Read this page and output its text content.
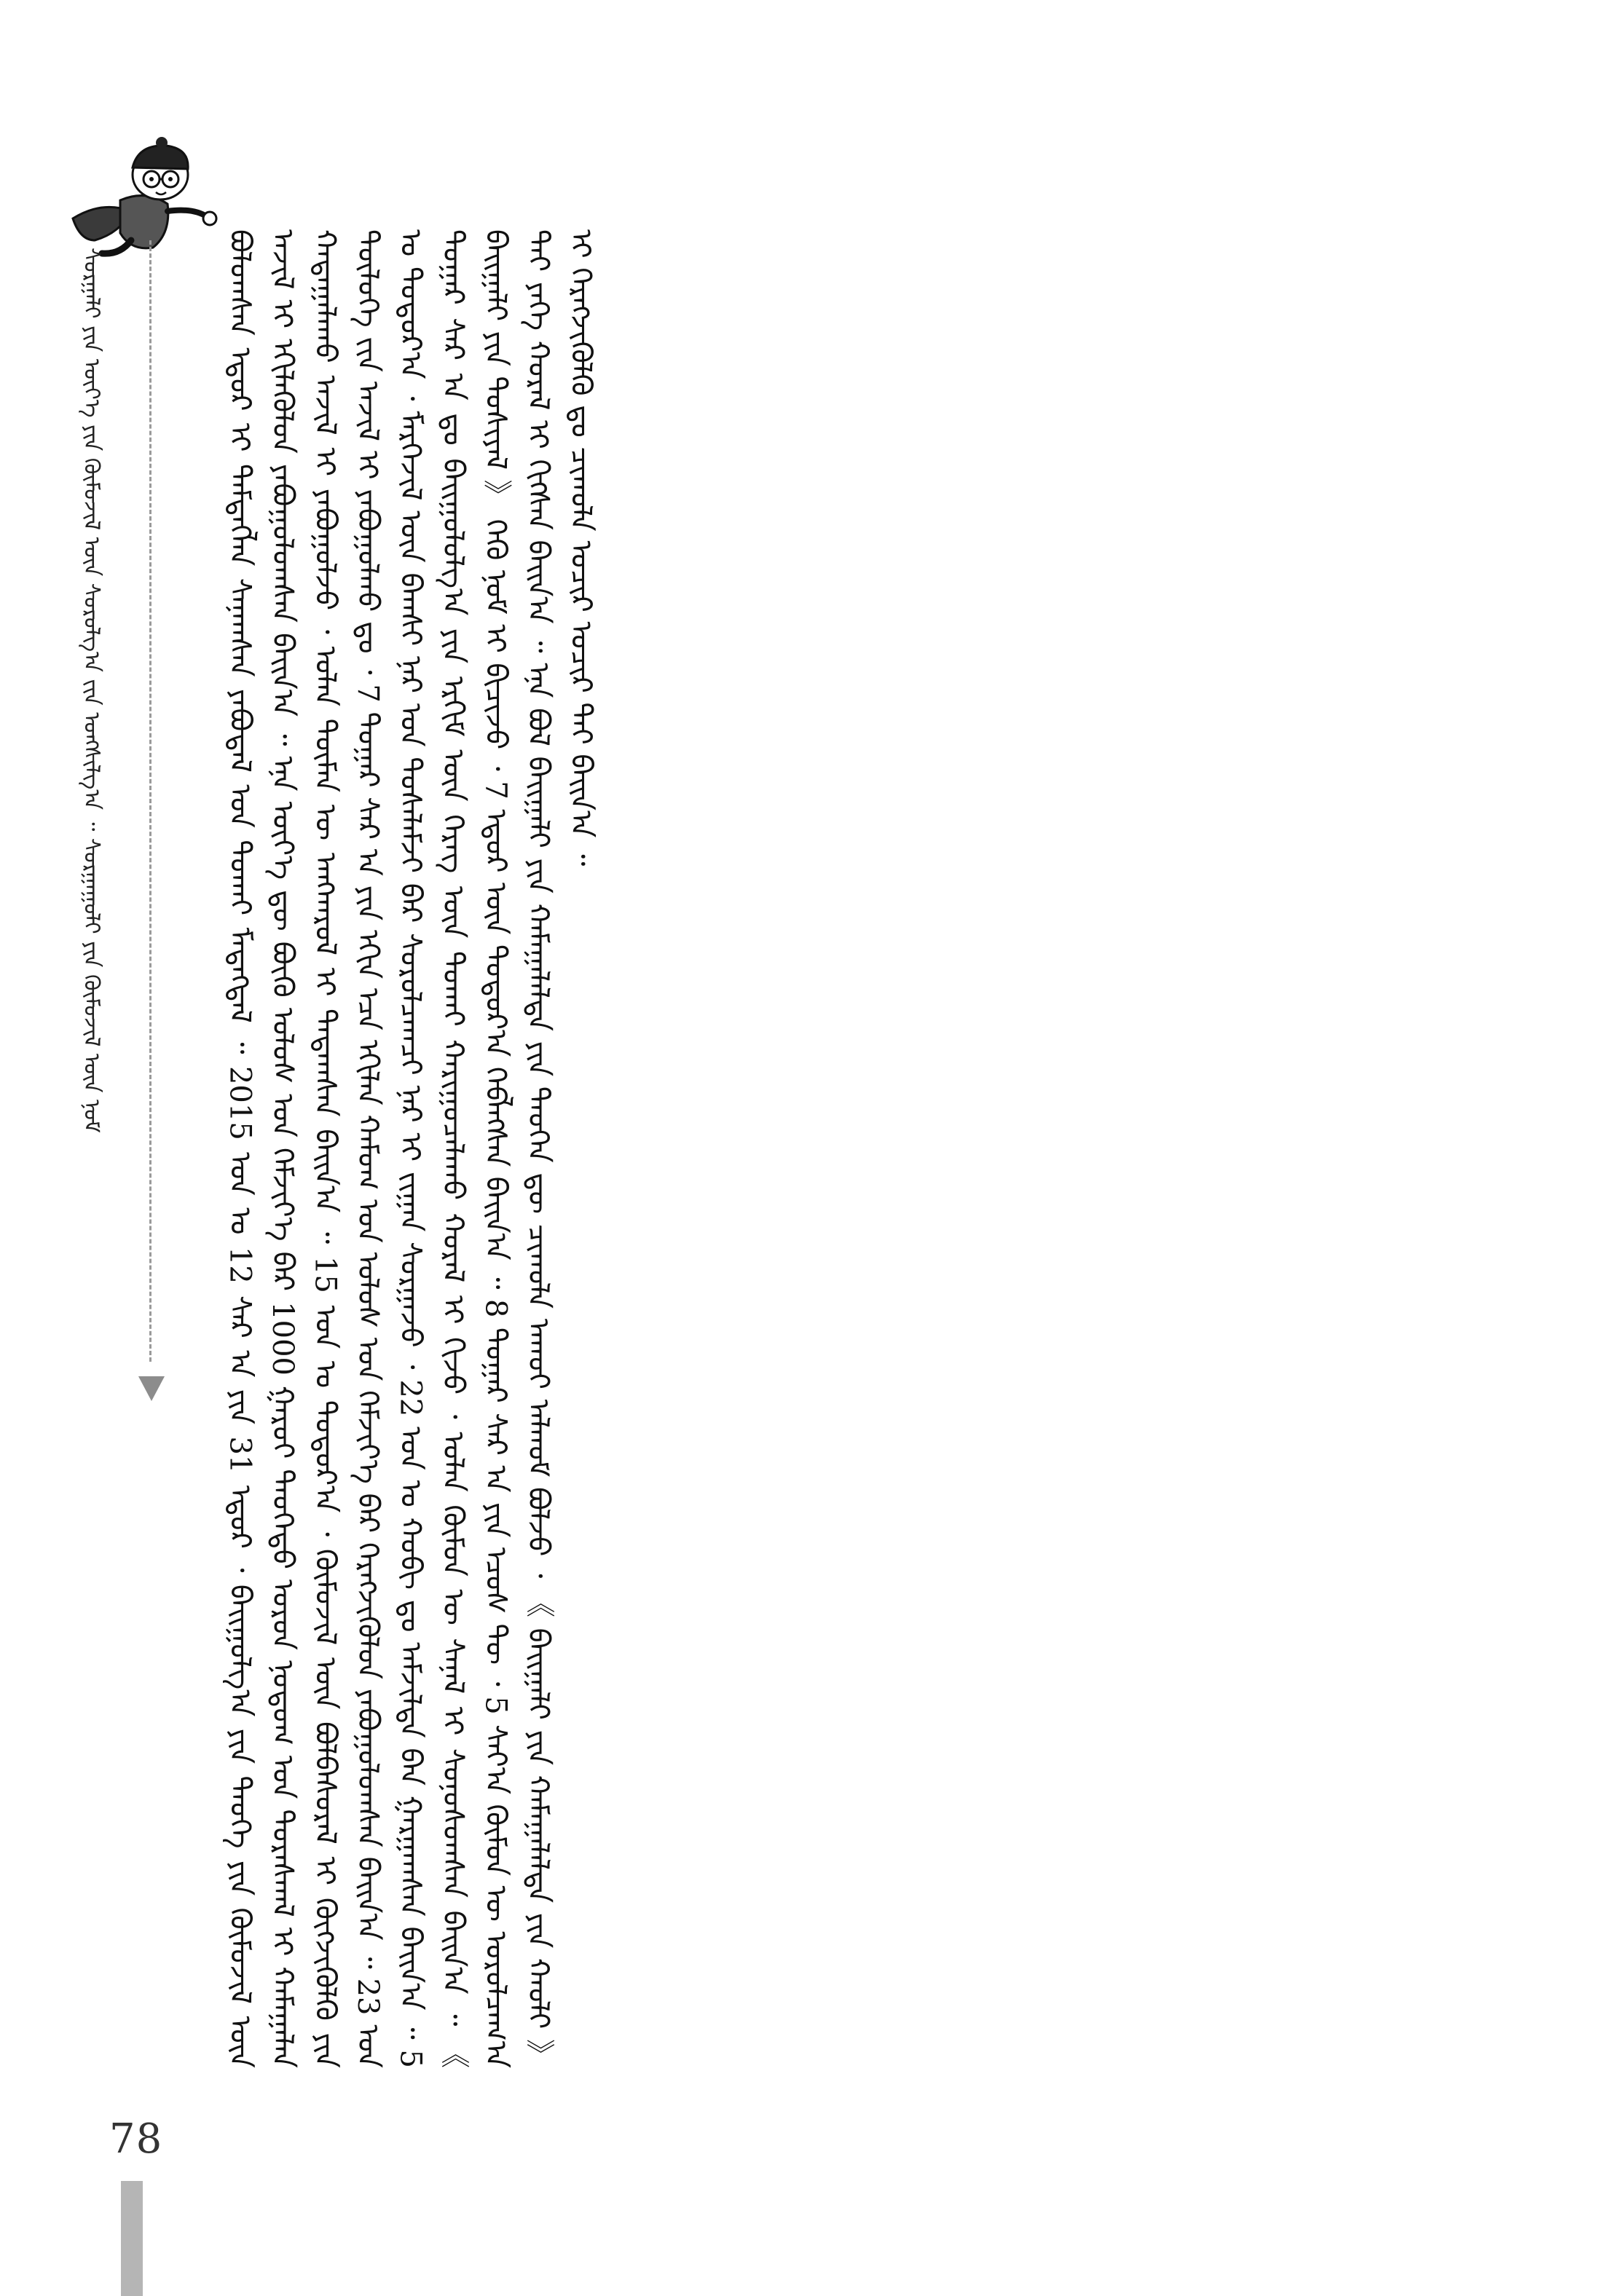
ᠰᠤᠷᠭᠠᠯᠢ ᠶᠢᠨ ᠦᠶ᠎ᠡ ᠶᠢᠨ ᠬᠦᠮᠦᠵᠢᠯ ᠦᠨ ᠰᠤᠷᠤᠯᠭ᠎ᠠ ᠵᠢᠨ ᠤᠩᠰᠢᠯᠭ᠎ᠠ ᠃ ᠰᠤᠷᠭᠠᠭᠤᠯᠢ ᠶᠢᠨ ᠬᠦᠮᠦᠵᠢᠯ ᠦᠨ ᠨᠣᠮ	ᠪᠤᠯᠤᠭᠰᠠᠨ ᠡᠳᠦᠷ ᠢ ᠲᠡᠮᠳᠡᠭᠯᠡᠨ ᠰᠠᠨᠠᠭᠰᠠᠨ ᠶᠠᠪᠤᠳᠠᠯ ᠤᠨ ᠲᠤᠬᠠᠢ ᠮᠡᠳᠡᠭᠳᠡᠯ ᠃ 2015 ᠣᠨ ᠤ 12 ᠰᠠᠷ ᠠ ᠶᠢᠨ 31 ᠡᠳᠦᠷ ᠂ ᠪᠠᠢᠭᠤᠯᠭ᠎ᠠ ᠶᠢᠨ ᠲᠡᠦᠬᠡ ᠶᠢᠨ ᠬᠦᠮᠦᠵᠢᠯ ᠦᠨ ᠠᠵᠢᠯ ᠢ ᠡᠬᠢᠯᠡᠭᠦᠯᠦᠨ ᠶᠠᠪᠤᠭᠤᠯᠤᠭᠰᠠᠨ ᠪᠠᠢᠨ᠎ᠠ ᠃ ᠡᠨᠡ ᠦᠶ᠎ᠡ ᠳᠦ ᠪᠦᠬᠦ ᠤᠯᠤᠰ ᠤᠨ ᠬᠡᠮᠵᠢᠶ᠎ᠡ ᠪᠡᠷ 1000 ᠭᠠᠷᠤᠢ ᠲᠡᠦᠬᠡᠲᠦ ᠣᠷᠤᠨ ᠨᠤᠲᠤᠭ ᠤᠨ ᠳᠤᠷᠠᠰᠬᠠᠯ ᠢ ᠬᠠᠮᠠᠭᠠᠯᠠᠨ ᠬᠠᠳᠠᠭᠠᠯᠠᠬᠤ ᠠᠵᠢᠯ ᠢ ᠶᠠᠪᠤᠭᠤᠯᠵᠤ ᠂ ᠣᠯᠠᠨ ᠲᠦᠮᠡᠨ ᠦ ᠠᠩᠬᠠᠷᠤᠯ ᠢ ᠲᠠᠲᠠᠭᠰᠠᠨ ᠪᠠᠢᠨ᠎ᠠ ᠃ 15 ᠣᠨ ᠤ ᠳᠤᠲᠤᠷ᠎ᠠ ᠂ ᠬᠦᠮᠦᠵᠢᠯ ᠦᠨ ᠪᠣᠯᠪᠠᠰᠤᠷᠠᠯ ᠢ ᠬᠥᠭᠵᠢᠭᠦᠯᠬᠦ ᠶᠢᠨ ᠲᠥᠯᠥᠭᠡ ᠵᠢᠨ ᠠᠵᠢᠯ ᠢ ᠶᠠᠪᠤᠭᠤᠯᠬᠤ ᠳᠤ ᠂ 7 ᠳᠤᠭᠠᠷ ᠰᠠᠷ ᠠ ᠶᠢᠨ ᠡᠬᠢᠨ ᠡᠴᠡ ᠡᠬᠢᠯᠡᠨ ᠬᠠᠮᠤᠭ ᠤᠨ ᠤᠯᠤᠰ ᠤᠨ ᠬᠡᠮᠵᠢᠶ᠎ᠡ ᠪᠡᠷ ᠬᠡᠷᠡᠭᠵᠢᠭᠦᠯᠦᠨ ᠶᠠᠪᠤᠭᠤᠯᠤᠭᠰᠠᠨ ᠪᠠᠢᠨ᠎ᠠ ᠃ 23 ᠣᠨ ᠤ ᠳᠤᠲᠤᠷ᠎ᠠ ᠂ ᠮᠡᠷᠭᠡᠵᠢᠯ ᠦᠨ ᠪᠠᠭᠰᠢ ᠨᠠᠷ ᠤᠨ ᠲᠤᠰᠠᠯᠠᠮᠵᠢ ᠪᠠᠷ ᠰᠤᠷᠤᠯᠴᠠᠭᠴᠢ ᠨᠠᠷ ᠢ ᠵᠢᠭᠠᠨ ᠰᠤᠷᠭᠠᠵᠤ ᠂ 22 ᠣᠨ ᠤ ᠬᠤᠪᠢ ᠳᠤ ᠠᠮᠵᠢᠯᠲᠠ ᠪᠠᠨ ᠭᠠᠷᠭᠠᠭᠰᠠᠨ ᠪᠠᠢᠨ᠎ᠠ ᠃ 5 ᠳᠤᠭᠠᠷ ᠰᠠᠷ ᠠ ᠳᠤ ᠪᠠᠢᠭᠤᠯᠤᠯᠭ᠎ᠠ ᠶᠢᠨ ᠡᠷᠭᠢᠮ ᠦᠨ ᠬᠡᠷᠡᠭ ᠦᠨ ᠲᠤᠬᠠᠢ ᠬᠠᠷᠢᠭᠤᠴᠠᠯᠠᠬᠤ ᠬᠤᠷᠠᠯ ᠢ ᠬᠢᠵᠦ ᠂ ᠣᠯᠠᠨ ᠬᠦᠮᠦᠨ ᠦ ᠰᠠᠨᠠᠯ ᠢ ᠰᠣᠨᠣᠰᠤᠭᠰᠠᠨ ᠪᠠᠢᠨ᠎ᠠ ᠃ 《 ᠪᠠᠢᠭᠠᠯᠢ ᠶᠢᠨ ᠲᠤᠰᠢᠶᠠᠯ 》 ᠭᠡᠬᠦ ᠨᠣᠮ ᠢ ᠪᠢᠴᠢᠵᠦ ᠂ 7 ᠡᠳᠦᠷ ᠦᠨ ᠳᠣᠲᠣᠷ᠎ᠠ ᠬᠡᠪᠯᠡᠭᠰᠡᠨ ᠪᠠᠢᠨ᠎ᠠ ᠃ 8 ᠳᠤᠭᠠᠷ ᠰᠠᠷ ᠠ ᠶᠢᠨ ᠡᠴᠦᠰ ᠲᠦ ᠂ 5 ᠰᠠᠶ᠎ᠠ ᠬᠦᠮᠦᠨ ᠦ ᠣᠷᠣᠯᠴᠠᠭ᠎ᠠ ᠲᠠᠢ ᠶᠡᠬᠡ ᠬᠤᠷᠠᠯ ᠢ ᠬᠢᠭᠰᠡᠨ ᠪᠠᠢᠨ᠎ᠠ ᠃ ᠡᠨᠡ ᠪᠤᠯ ᠪᠠᠢᠭᠠᠯᠢ ᠶᠢᠨ ᠬᠠᠮᠠᠭᠠᠯᠠᠯᠲᠠ ᠶᠢᠨ ᠲᠡᠦᠬᠡᠨ ᠳᠦ ᠴᠢᠬᠤᠯᠠ ᠠᠬᠤᠢ ᠠᠯᠬᠤᠮ ᠪᠣᠯᠵᠤ ᠂ 《 ᠪᠠᠢᠭᠠᠯᠢ ᠶᠢᠨ ᠬᠠᠮᠠᠭᠠᠯᠠᠯᠲᠠ ᠶᠢᠨ ᠬᠠᠤᠯᠢ 》 ᠢ ᠬᠡᠷᠡᠭᠵᠢᠭᠦᠯᠬᠦ ᠳᠤ ᠴᠢᠬᠤᠯᠠ ᠤᠴᠢᠷ ᠤᠴᠢᠷ ᠲᠠᠢ ᠪᠠᠢᠨ᠎ᠠ ᠃

78
